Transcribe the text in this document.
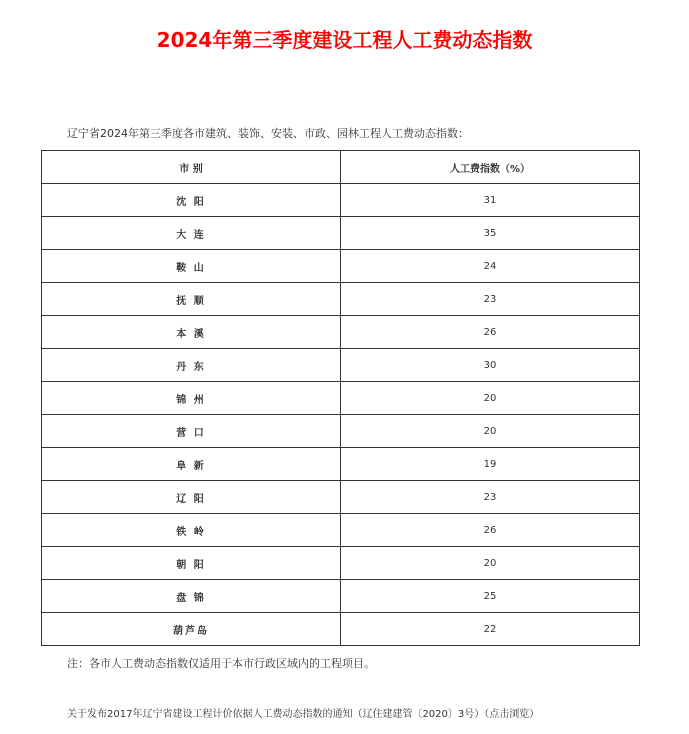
2024年第三季度建设工程人工费动态指数
辽宁省2024年第三季度各市建筑、装饰、安装、市政、园林工程人工费动态指数：
市 别	人工费指数（%）
沈 阳	31
大 连	35
鞍 山	24
抚 顺	23
本 溪	26
丹 东	30
锦 州	20
营 口	20
阜 新	19
辽 阳	23
铁 岭	26
朝 阳	20
盘 锦	25
葫芦岛	22
注：各市人工费动态指数仅适用于本市行政区域内的工程项目。
关于发布2017年辽宁省建设工程计价依据人工费动态指数的通知（辽住建建管〔2020〕3号）（点击浏览）
